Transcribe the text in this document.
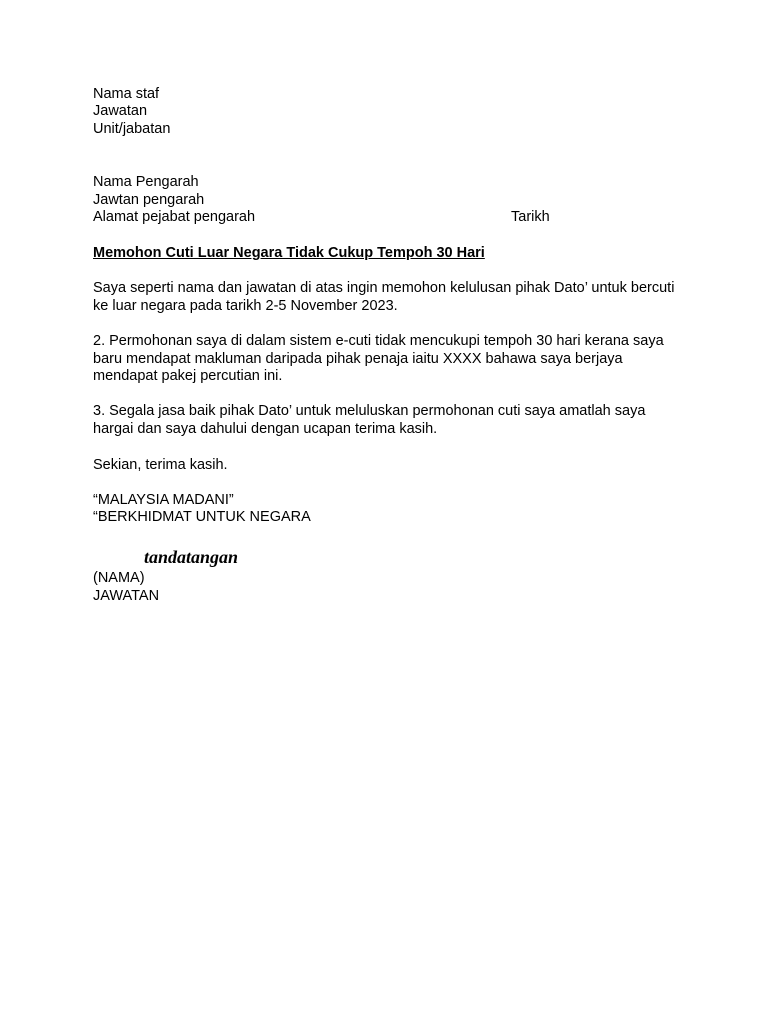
Nama staf
Jawatan
Unit/jabatan
Nama Pengarah
Jawtan pengarah
Alamat pejabat pengarah	Tarikh
Memohon Cuti Luar Negara Tidak Cukup Tempoh 30 Hari
Saya seperti nama dan jawatan di atas ingin memohon kelulusan pihak Dato’ untuk bercuti
ke luar negara pada tarikh 2-5 November 2023.
2. Permohonan saya di dalam sistem e-cuti tidak mencukupi tempoh 30 hari kerana saya
baru mendapat makluman daripada pihak penaja iaitu XXXX bahawa saya berjaya
mendapat pakej percutian ini.
3. Segala jasa baik pihak Dato’ untuk meluluskan permohonan cuti saya amatlah saya
hargai dan saya dahului dengan ucapan terima kasih.
Sekian, terima kasih.
“MALAYSIA MADANI”
“BERKHIDMAT UNTUK NEGARA
tandatangan
(NAMA)
JAWATAN
